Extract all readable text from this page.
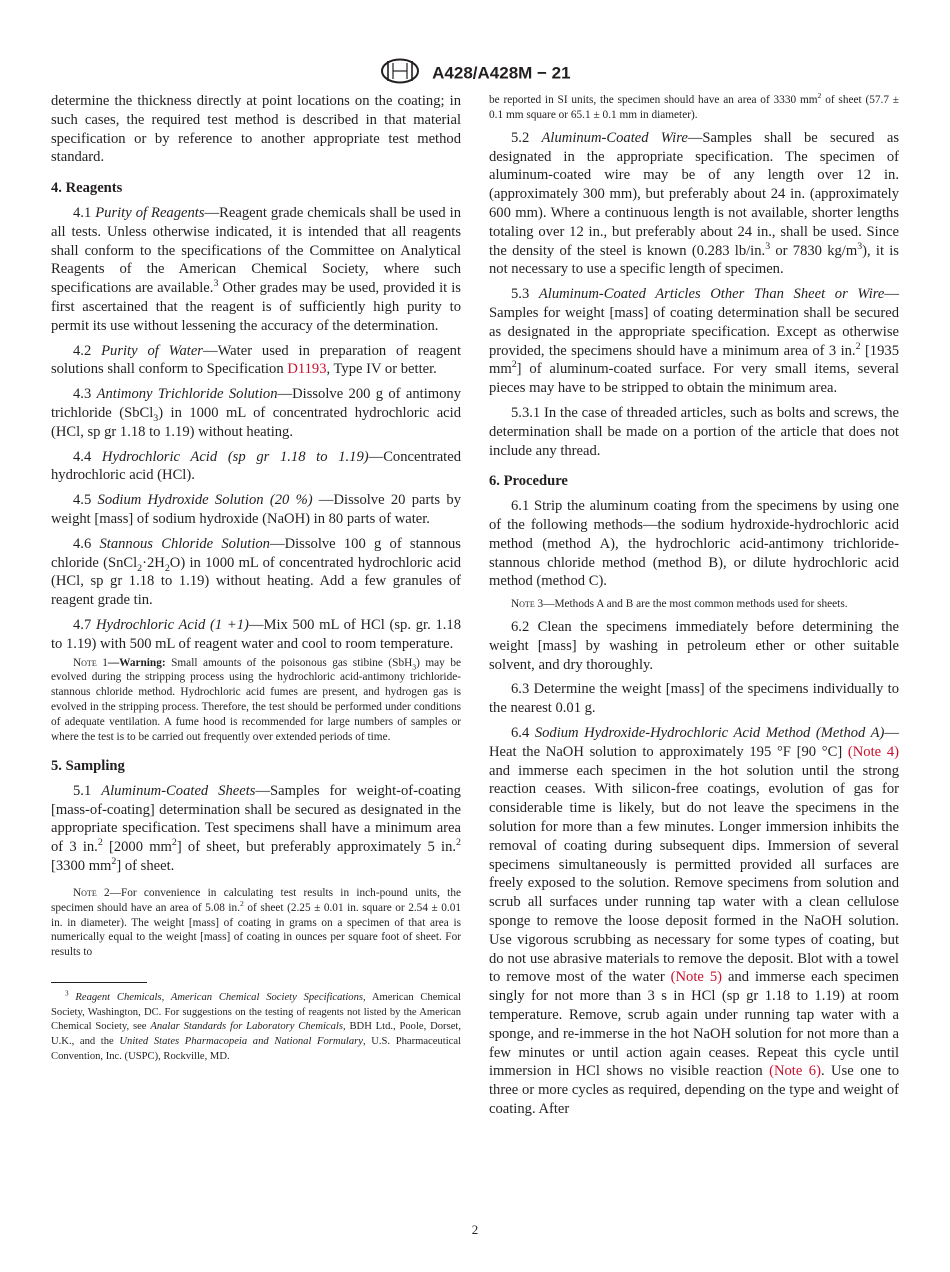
A428/A428M − 21

determine the thickness directly at point locations on the coating; in such cases, the required test method is described in that material specification or by reference to another appropriate test method standard.

4. Reagents

4.1 Purity of Reagents—Reagent grade chemicals shall be used in all tests. Unless otherwise indicated, it is intended that all reagents shall conform to the specifications of the Committee on Analytical Reagents of the American Chemical Society, where such specifications are available.$^3$ Other grades may be used, provided it is first ascertained that the reagent is of sufficiently high purity to permit its use without lessening the accuracy of the determination.

4.2 Purity of Water—Water used in preparation of reagent solutions shall conform to Specification D1193, Type IV or better.

4.3 Antimony Trichloride Solution—Dissolve 200 g of antimony trichloride (SbCl$_3$) in 1000 mL of concentrated hydrochloric acid (HCl, sp gr 1.18 to 1.19) without heating.

4.4 Hydrochloric Acid (sp gr 1.18 to 1.19)—Concentrated hydrochloric acid (HCl).

4.5 Sodium Hydroxide Solution (20 %) —Dissolve 20 parts by weight [mass] of sodium hydroxide (NaOH) in 80 parts of water.

4.6 Stannous Chloride Solution—Dissolve 100 g of stannous chloride $(SnCl_2\cdot 2H_2O)$ in 1000 mL of concentrated hydrochloric acid (HCl, sp gr 1.18 to 1.19) without heating. Add a few granules of reagent grade tin.

4.7 Hydrochloric Acid (1 +1)—Mix 500 mL of HCl (sp. gr. 1.18 to 1.19) with 500 mL of reagent water and cool to room temperature.

Note 1—Warning: Small amounts of the poisonous gas stibine (SbH$_3$) may be evolved during the stripping process using the hydrochloric acid-antimony trichloride-stannous chloride method. Hydrochloric acid fumes are present, and hydrogen gas is evolved in the stripping process. Therefore, the test should be performed under conditions of adequate ventilation. A fume hood is recommended for large numbers of samples or where the test is to be carried out frequently over extended periods of time.
5. Sampling

5.1 Aluminum-Coated Sheets—Samples for weight-of-coating [mass-of-coating] determination shall be secured as designated in the appropriate specification. Test specimens shall have a minimum area of 3 in.$^2$ [2000 $mm^2$] of sheet, but preferably approximately 5 in.$^2$ [3300 $mm^2$] of sheet.

Note 2—For convenience in calculating test results in inch-pound units, the specimen should have an area of 5.08 in.$^2$ of sheet (2.25 ± 0.01 in. square or 2.54 ± 0.01 in. in diameter). The weight [mass] of coating in grams on a specimen of that area is numerically equal to the weight [mass] of coating in ounces per square foot of sheet. For results to
$^3$ Reagent Chemicals, American Chemical Society Specifications, American Chemical Society, Washington, DC. For suggestions on the testing of reagents not listed by the American Chemical Society, see Analar Standards for Laboratory Chemicals, BDH Ltd., Poole, Dorset, U.K., and the United States Pharmacopeia and National Formulary, U.S. Pharmaceutical Convention, Inc. (USPC), Rockville, MD.
be reported in SI units, the specimen should have an area of 3330 $mm^2$ of sheet (57.7 ± 0.1 mm square or 65.1 ± 0.1 mm in diameter).

5.2 Aluminum-Coated Wire—Samples shall be secured as designated in the appropriate specification. The specimen of aluminum-coated wire may be of any length over 12 in. (approximately 300 mm), but preferably about 24 in. (approximately 600 mm). Where a continuous length is not available, shorter lengths totaling over 12 in., but preferably about 24 in., shall be used. Since the density of the steel is known (0.283 lb/in.$^3$ or 7830 $kg/m^3$), it is not necessary to use a specific length of specimen.

5.3 Aluminum-Coated Articles Other Than Sheet or Wire—Samples for weight [mass] of coating determination shall be secured as designated in the appropriate specification. Except as otherwise provided, the specimens should have a minimum area of 3 in.$^2$ [1935 $mm^2$] of aluminum-coated surface. For very small items, several pieces may have to be stripped to obtain the minimum area.

5.3.1 In the case of threaded articles, such as bolts and screws, the determination shall be made on a portion of the article that does not include any thread.

6. Procedure

6.1 Strip the aluminum coating from the specimens by using one of the following methods—the sodium hydroxide-hydrochloric acid method (method A), the hydrochloric acid-antimony trichloride-stannous chloride method (method B), or dilute hydrochloric acid method (method C).

Note 3—Methods A and B are the most common methods used for sheets.

6.2 Clean the specimens immediately before determining the weight [mass] by washing in petroleum ether or other suitable solvent, and dry thoroughly.

6.3 Determine the weight [mass] of the specimens individually to the nearest 0.01 g.

6.4 Sodium Hydroxide-Hydrochloric Acid Method (Method A)—Heat the NaOH solution to approximately 195 °F [90 °C] (Note 4) and immerse each specimen in the hot solution until the strong reaction ceases. With silicon-free coatings, evolution of gas for considerable time is likely, but do not leave the specimens in the solution for more than a few minutes. Longer immersion inhibits the removal of coating during subsequent dips. Immersion of several specimens simultaneously is permitted provided all surfaces are freely exposed to the solution. Remove specimens from solution and scrub all surfaces under running tap water with a clean cellulose sponge to remove the loose deposit formed in the NaOH solution. Use vigorous scrubbing as necessary for some types of coating, but do not use abrasive materials to remove the deposit. Blot with a towel to remove most of the water (Note 5) and immerse each specimen singly for not more than 3 s in HCl (sp gr 1.18 to 1.19) at room temperature. Remove, scrub again under running tap water with a sponge, and re-immerse in the hot NaOH solution for not more than a few minutes or until action again ceases. Repeat this cycle until immersion in HCl shows no visible reaction (Note 6). Use one to three or more cycles as required, depending on the type and weight of coating. After

2
